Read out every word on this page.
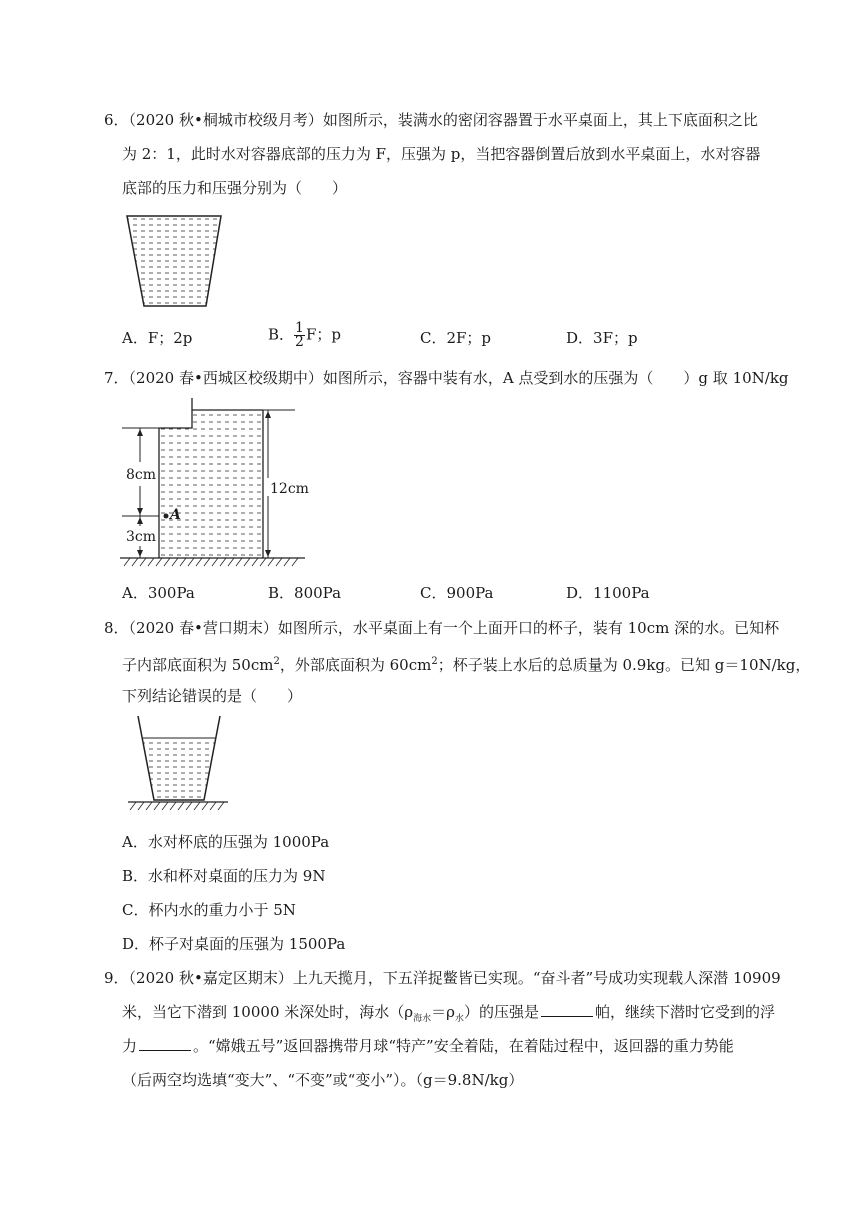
6．（2020 秋•桐城市校级月考）如图所示，装满水的密闭容器置于水平桌面上，其上下底面积之比
为 2：1，此时水对容器底部的压力为 F，压强为 p，当把容器倒置后放到水平桌面上，水对容器
底部的压力和压强分别为（　　）
A．F；2p	B． $\frac{1}{2}$ F；p	C．2F；p	D．3F；p
7．（2020 春•西城区校级期中）如图所示，容器中装有水，A 点受到水的压强为（　　）g 取 10N/kg
8cm
3cm
12cm
A
A．300Pa	B．800Pa	C．900Pa	D．1100Pa
8．（2020 春•营口期末）如图所示，水平桌面上有一个上面开口的杯子，装有 10cm 深的水。已知杯
子内部底面积为 $50cm^2$，外部底面积为 $60cm^2$；杯子装上水后的总质量为 0.9kg。已知 g＝10N/kg，
下列结论错误的是（　　）
A．水对杯底的压强为 1000Pa
B．水和杯对桌面的压力为 9N
C．杯内水的重力小于 5N
D．杯子对桌面的压强为 1500Pa
9．（2020 秋•嘉定区期末）上九天揽月，下五洋捉鳖皆已实现。“奋斗者”号成功实现载人深潜 10909
米，当它下潜到 10000 米深处时，海水$(\rho_{海水}=\rho_水)$的压强是	帕，继续下潜时它受到的浮
力	。“嫦娥五号”返回器携带月球“特产”安全着陆，在着陆过程中，返回器的重力势能
（后两空均选填“变大”、“不变”或“变小”）。（g＝9.8N/kg）
